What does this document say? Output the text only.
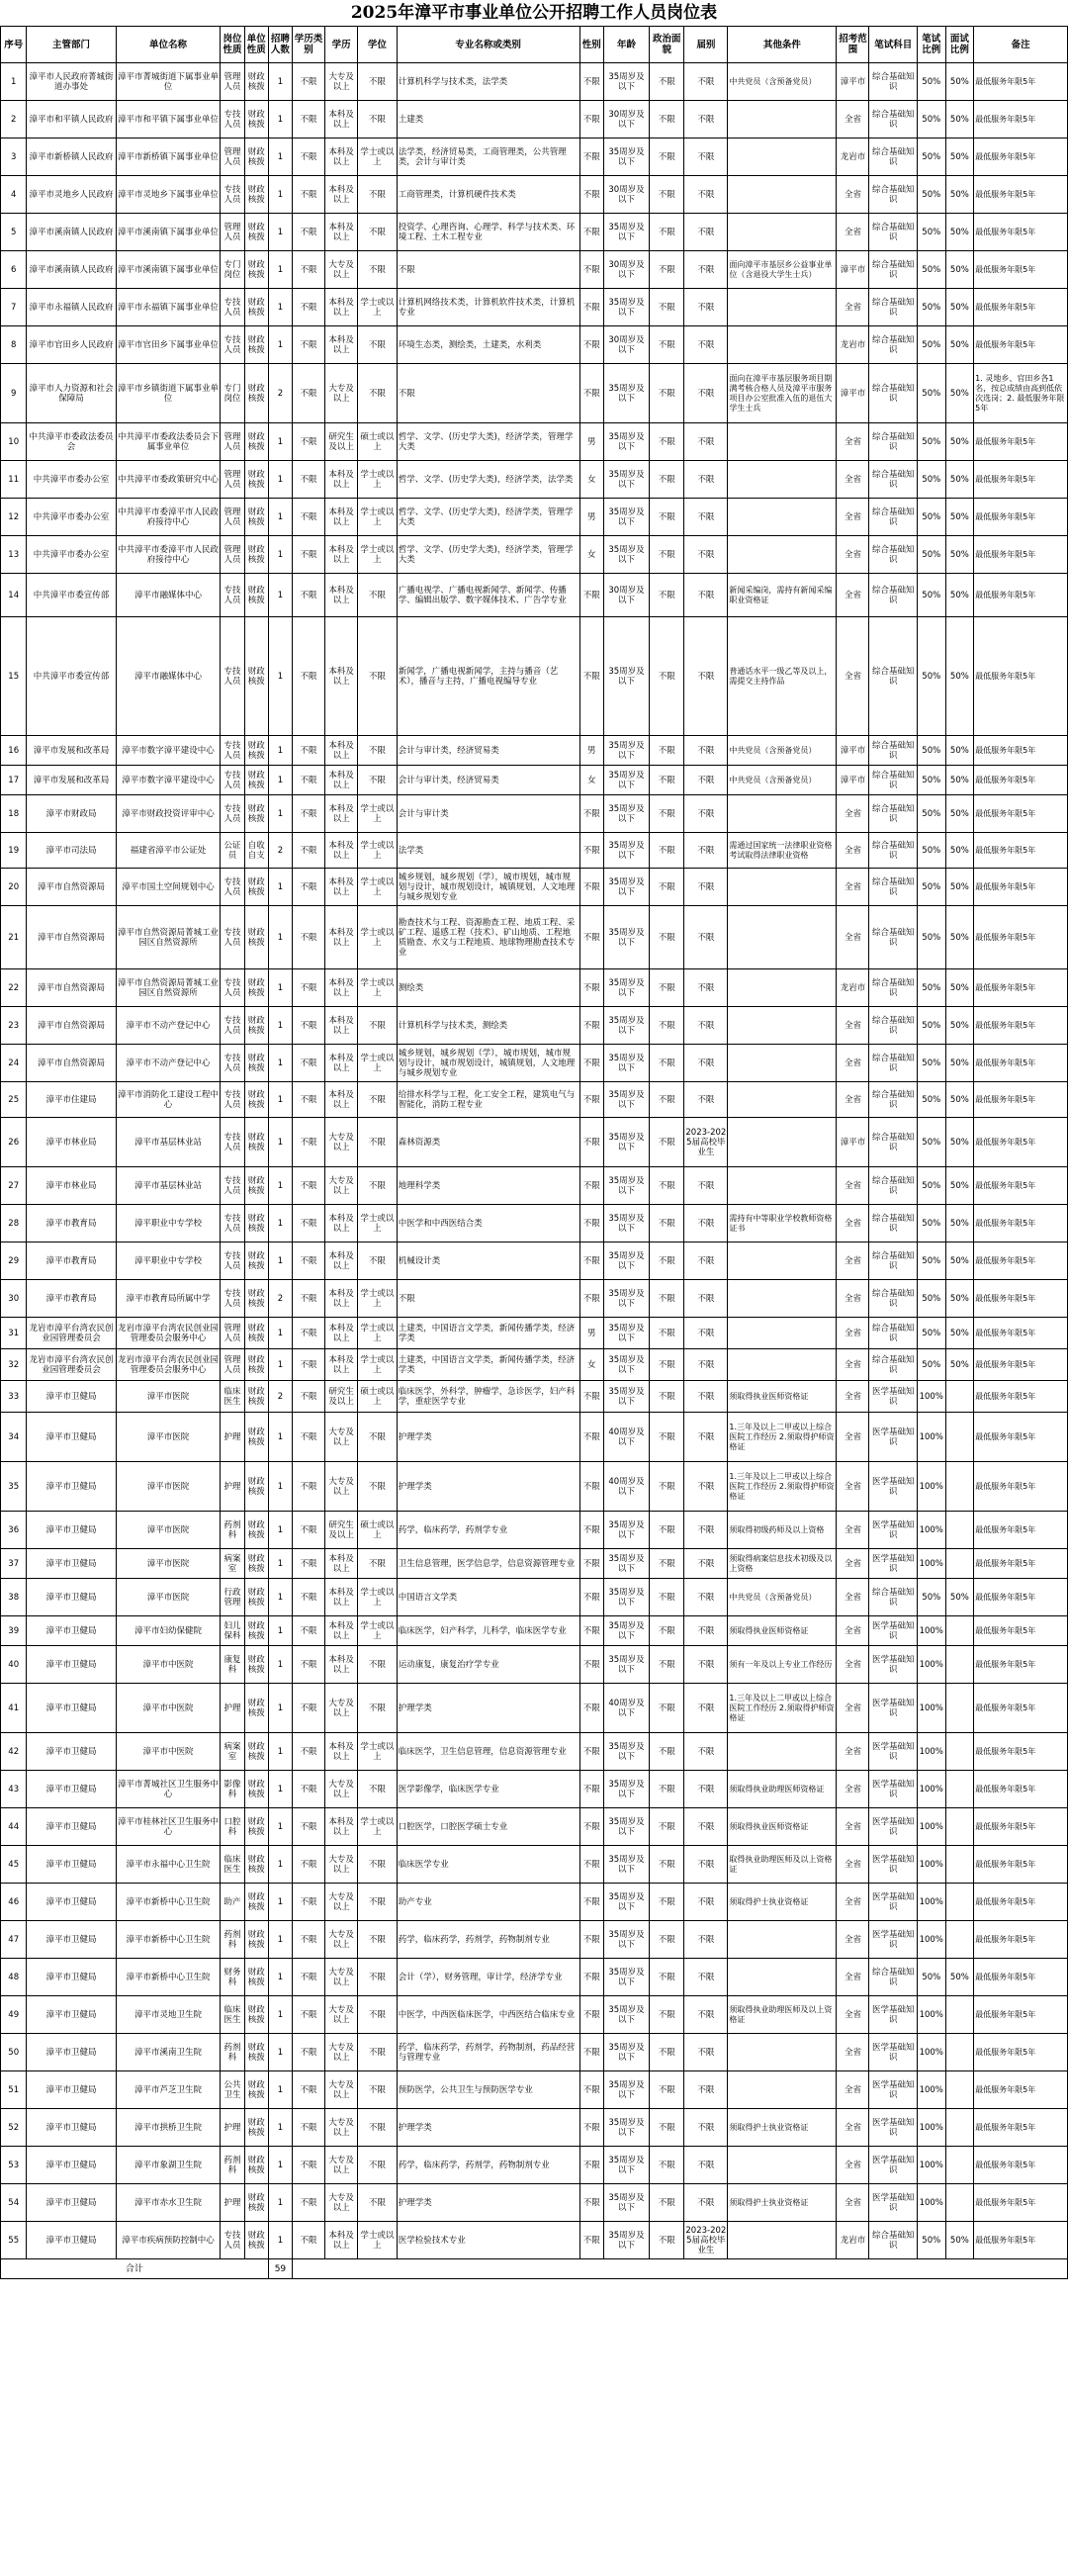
2025年漳平市事业单位公开招聘工作人员岗位表
序号	主管部门	单位名称	岗位性质	单位性质	招聘人数	学历类别	学历	学位	专业名称或类别	性别	年龄	政治面貌	届别	其他条件	招考范围	笔试科目	笔试比例	面试比例	备注
1	漳平市人民政府菁城街道办事处	漳平市菁城街道下属事业单位	管理人员	财政核拨	1	不限	大专及以上	不限	计算机科学与技术类，法学类	不限	35周岁及以下	不限	不限	中共党员（含预备党员）	漳平市	综合基础知识	50%	50%	最低服务年限5年
2	漳平市和平镇人民政府	漳平市和平镇下属事业单位	专技人员	财政核拨	1	不限	本科及以上	不限	土建类	不限	30周岁及以下	不限	不限		全省	综合基础知识	50%	50%	最低服务年限5年
3	漳平市新桥镇人民政府	漳平市新桥镇下属事业单位	管理人员	财政核拨	1	不限	本科及以上	学士或以上	法学类，经济贸易类，工商管理类，公共管理类，会计与审计类	不限	35周岁及以下	不限	不限		龙岩市	综合基础知识	50%	50%	最低服务年限5年
4	漳平市灵地乡人民政府	漳平市灵地乡下属事业单位	专技人员	财政核拨	1	不限	本科及以上	不限	工商管理类，计算机硬件技术类	不限	30周岁及以下	不限	不限		全省	综合基础知识	50%	50%	最低服务年限5年
5	漳平市溪南镇人民政府	漳平市溪南镇下属事业单位	管理人员	财政核拨	1	不限	本科及以上	不限	投资学、心理咨询、心理学、科学与技术类、环境工程、土木工程专业	不限	35周岁及以下	不限	不限		全省	综合基础知识	50%	50%	最低服务年限5年
6	漳平市溪南镇人民政府	漳平市溪南镇下属事业单位	专门岗位	财政核拨	1	不限	大专及以上	不限	不限	不限	30周岁及以下	不限	不限	面向漳平市基层乡公益事业单位（含退役大学生士兵）	漳平市	综合基础知识	50%	50%	最低服务年限5年
7	漳平市永福镇人民政府	漳平市永福镇下属事业单位	专技人员	财政核拨	1	不限	本科及以上	学士或以上	计算机网络技术类，计算机软件技术类，计算机专业	不限	35周岁及以下	不限	不限		全省	综合基础知识	50%	50%	最低服务年限5年
8	漳平市官田乡人民政府	漳平市官田乡下属事业单位	专技人员	财政核拨	1	不限	本科及以上	不限	环境生态类，测绘类，土建类，水利类	不限	30周岁及以下	不限	不限		龙岩市	综合基础知识	50%	50%	最低服务年限5年
9	漳平市人力资源和社会保障局	漳平市乡镇街道下属事业单位	专门岗位	财政核拨	2	不限	大专及以上	不限	不限	不限	35周岁及以下	不限	不限	面向在漳平市基层服务项目期满考核合格人员及漳平市服务项目办公室批准入伍的退伍大学生士兵	漳平市	综合基础知识	50%	50%	1. 灵地乡、官田乡各1名，按总成绩由高到低依次选岗；2. 最低服务年限5年
10	中共漳平市委政法委员会	中共漳平市委政法委员会下属事业单位	管理人员	财政核拨	1	不限	研究生及以上	硕士或以上	哲学、文学、(历史学大类)，经济学类，管理学大类	男	35周岁及以下	不限	不限		全省	综合基础知识	50%	50%	最低服务年限5年
11	中共漳平市委办公室	中共漳平市委政策研究中心	管理人员	财政核拨	1	不限	本科及以上	学士或以上	哲学、文学、(历史学大类)，经济学类，法学类	女	35周岁及以下	不限	不限		全省	综合基础知识	50%	50%	最低服务年限5年
12	中共漳平市委办公室	中共漳平市委漳平市人民政府接待中心	管理人员	财政核拨	1	不限	本科及以上	学士或以上	哲学、文学、(历史学大类)，经济学类，管理学大类	男	35周岁及以下	不限	不限		全省	综合基础知识	50%	50%	最低服务年限5年
13	中共漳平市委办公室	中共漳平市委漳平市人民政府接待中心	管理人员	财政核拨	1	不限	本科及以上	学士或以上	哲学、文学、(历史学大类)，经济学类，管理学大类	女	35周岁及以下	不限	不限		全省	综合基础知识	50%	50%	最低服务年限5年
14	中共漳平市委宣传部	漳平市融媒体中心	专技人员	财政核拨	1	不限	本科及以上	不限	广播电视学、广播电视新闻学、新闻学、传播学、编辑出版学、数字媒体技术、广告学专业	不限	30周岁及以下	不限	不限	新闻采编岗，需持有新闻采编职业资格证	全省	综合基础知识	50%	50%	最低服务年限5年
15	中共漳平市委宣传部	漳平市融媒体中心	专技人员	财政核拨	1	不限	本科及以上	不限	新闻学，广播电视新闻学，主持与播音（艺术），播音与主持，广播电视编导专业	不限	35周岁及以下	不限	不限	普通话水平一级乙等及以上，需提交主持作品	全省	综合基础知识	50%	50%	最低服务年限5年
16	漳平市发展和改革局	漳平市数字漳平建设中心	专技人员	财政核拨	1	不限	本科及以上	不限	会计与审计类，经济贸易类	男	35周岁及以下	不限	不限	中共党员（含预备党员）	漳平市	综合基础知识	50%	50%	最低服务年限5年
17	漳平市发展和改革局	漳平市数字漳平建设中心	专技人员	财政核拨	1	不限	本科及以上	不限	会计与审计类，经济贸易类	女	35周岁及以下	不限	不限	中共党员（含预备党员）	漳平市	综合基础知识	50%	50%	最低服务年限5年
18	漳平市财政局	漳平市财政投资评审中心	专技人员	财政核拨	1	不限	本科及以上	学士或以上	会计与审计类	不限	35周岁及以下	不限	不限		全省	综合基础知识	50%	50%	最低服务年限5年
19	漳平市司法局	福建省漳平市公证处	公证员	自收自支	2	不限	本科及以上	学士或以上	法学类	不限	35周岁及以下	不限	不限	需通过国家统一法律职业资格考试取得法律职业资格	全省	综合基础知识	50%	50%	最低服务年限5年
20	漳平市自然资源局	漳平市国土空间规划中心	专技人员	财政核拨	1	不限	本科及以上	学士或以上	城乡规划，城乡规划（学），城市规划，城市规划与设计，城市规划设计，城镇规划，人文地理与城乡规划专业	不限	35周岁及以下	不限	不限		全省	综合基础知识	50%	50%	最低服务年限5年
21	漳平市自然资源局	漳平市自然资源局菁城工业园区自然资源所	专技人员	财政核拨	1	不限	本科及以上	学士或以上	勘查技术与工程、资源勘查工程、地质工程、采矿工程、遥感工程（技术）、矿山地质、工程地质勘查、水文与工程地质、地球物理勘查技术专业	不限	35周岁及以下	不限	不限		全省	综合基础知识	50%	50%	最低服务年限5年
22	漳平市自然资源局	漳平市自然资源局菁城工业园区自然资源所	专技人员	财政核拨	1	不限	本科及以上	学士或以上	测绘类	不限	35周岁及以下	不限	不限		龙岩市	综合基础知识	50%	50%	最低服务年限5年
23	漳平市自然资源局	漳平市不动产登记中心	专技人员	财政核拨	1	不限	本科及以上	不限	计算机科学与技术类，测绘类	不限	35周岁及以下	不限	不限		全省	综合基础知识	50%	50%	最低服务年限5年
24	漳平市自然资源局	漳平市不动产登记中心	专技人员	财政核拨	1	不限	本科及以上	学士或以上	城乡规划，城乡规划（学），城市规划，城市规划与设计，城市规划设计，城镇规划，人文地理与城乡规划专业	不限	35周岁及以下	不限	不限		全省	综合基础知识	50%	50%	最低服务年限5年
25	漳平市住建局	漳平市消防化工建设工程中心	专技人员	财政核拨	1	不限	本科及以上	不限	给排水科学与工程，化工安全工程，建筑电气与智能化，消防工程专业	不限	35周岁及以下	不限	不限		全省	综合基础知识	50%	50%	最低服务年限5年
26	漳平市林业局	漳平市基层林业站	专技人员	财政核拨	1	不限	大专及以上	不限	森林资源类	不限	35周岁及以下	不限	2023-2025届高校毕业生		漳平市	综合基础知识	50%	50%	最低服务年限5年
27	漳平市林业局	漳平市基层林业站	专技人员	财政核拨	1	不限	大专及以上	不限	地理科学类	不限	35周岁及以下	不限	不限		全省	综合基础知识	50%	50%	最低服务年限5年
28	漳平市教育局	漳平职业中专学校	专技人员	财政核拨	1	不限	本科及以上	学士或以上	中医学和中西医结合类	不限	35周岁及以下	不限	不限	需持有中等职业学校教师资格证书	全省	综合基础知识	50%	50%	最低服务年限5年
29	漳平市教育局	漳平职业中专学校	专技人员	财政核拨	1	不限	本科及以上	不限	机械设计类	不限	35周岁及以下	不限	不限		全省	综合基础知识	50%	50%	最低服务年限5年
30	漳平市教育局	漳平市教育局所属中学	专技人员	财政核拨	2	不限	本科及以上	学士或以上	不限	不限	35周岁及以下	不限	不限		全省	综合基础知识	50%	50%	最低服务年限5年
31	龙岩市漳平台湾农民创业园管理委员会	龙岩市漳平台湾农民创业园管理委员会服务中心	管理人员	财政核拨	1	不限	本科及以上	学士或以上	土建类，中国语言文学类，新闻传播学类，经济学类	男	35周岁及以下	不限	不限		全省	综合基础知识	50%	50%	最低服务年限5年
32	龙岩市漳平台湾农民创业园管理委员会	龙岩市漳平台湾农民创业园管理委员会服务中心	管理人员	财政核拨	1	不限	本科及以上	学士或以上	土建类，中国语言文学类，新闻传播学类，经济学类	女	35周岁及以下	不限	不限		全省	综合基础知识	50%	50%	最低服务年限5年
33	漳平市卫健局	漳平市医院	临床医生	财政核拨	2	不限	研究生及以上	硕士或以上	临床医学，外科学，肿瘤学，急诊医学，妇产科学，重症医学专业	不限	35周岁及以下	不限	不限	须取得执业医师资格证	全省	医学基础知识	100%		最低服务年限5年
34	漳平市卫健局	漳平市医院	护理	财政核拨	1	不限	大专及以上	不限	护理学类	不限	40周岁及以下	不限	不限	1.三年及以上二甲或以上综合医院工作经历 2.须取得护师资格证	全省	医学基础知识	100%		最低服务年限5年
35	漳平市卫健局	漳平市医院	护理	财政核拨	1	不限	大专及以上	不限	护理学类	不限	40周岁及以下	不限	不限	1.三年及以上二甲或以上综合医院工作经历 2.须取得护师资格证	全省	医学基础知识	100%		最低服务年限5年
36	漳平市卫健局	漳平市医院	药剂科	财政核拨	1	不限	研究生及以上	硕士或以上	药学，临床药学，药剂学专业	不限	35周岁及以下	不限	不限	须取得初级药师及以上资格	全省	医学基础知识	100%		最低服务年限5年
37	漳平市卫健局	漳平市医院	病案室	财政核拨	1	不限	本科及以上	不限	卫生信息管理，医学信息学，信息资源管理专业	不限	35周岁及以下	不限	不限	须取得病案信息技术初级及以上资格	全省	医学基础知识	100%		最低服务年限5年
38	漳平市卫健局	漳平市医院	行政管理	财政核拨	1	不限	本科及以上	学士或以上	中国语言文学类	不限	35周岁及以下	不限	不限	中共党员（含预备党员）	全省	综合基础知识	50%	50%	最低服务年限5年
39	漳平市卫健局	漳平市妇幼保健院	妇儿保科	财政核拨	1	不限	本科及以上	学士或以上	临床医学，妇产科学，儿科学，临床医学专业	不限	35周岁及以下	不限	不限	须取得执业医师资格证	全省	医学基础知识	100%		最低服务年限5年
40	漳平市卫健局	漳平市中医院	康复科	财政核拨	1	不限	本科及以上	不限	运动康复，康复治疗学专业	不限	35周岁及以下	不限	不限	须有一年及以上专业工作经历	全省	医学基础知识	100%		最低服务年限5年
41	漳平市卫健局	漳平市中医院	护理	财政核拨	1	不限	大专及以上	不限	护理学类	不限	40周岁及以下	不限	不限	1.三年及以上二甲或以上综合医院工作经历 2.须取得护师资格证	全省	医学基础知识	100%		最低服务年限5年
42	漳平市卫健局	漳平市中医院	病案室	财政核拨	1	不限	本科及以上	学士或以上	临床医学，卫生信息管理，信息资源管理专业	不限	35周岁及以下	不限	不限		全省	医学基础知识	100%		最低服务年限5年
43	漳平市卫健局	漳平市菁城社区卫生服务中心	影像科	财政核拨	1	不限	大专及以上	不限	医学影像学，临床医学专业	不限	35周岁及以下	不限	不限	须取得执业助理医师资格证	全省	医学基础知识	100%		最低服务年限5年
44	漳平市卫健局	漳平市桂林社区卫生服务中心	口腔科	财政核拨	1	不限	本科及以上	学士或以上	口腔医学，口腔医学硕士专业	不限	35周岁及以下	不限	不限	须取得执业医师资格证	全省	医学基础知识	100%		最低服务年限5年
45	漳平市卫健局	漳平市永福中心卫生院	临床医生	财政核拨	1	不限	大专及以上	不限	临床医学专业	不限	35周岁及以下	不限	不限	取得执业助理医师及以上资格证	全省	医学基础知识	100%		最低服务年限5年
46	漳平市卫健局	漳平市新桥中心卫生院	助产	财政核拨	1	不限	大专及以上	不限	助产专业	不限	35周岁及以下	不限	不限	须取得护士执业资格证	全省	医学基础知识	100%		最低服务年限5年
47	漳平市卫健局	漳平市新桥中心卫生院	药剂科	财政核拨	1	不限	大专及以上	不限	药学，临床药学，药剂学，药物制剂专业	不限	35周岁及以下	不限	不限		全省	医学基础知识	100%		最低服务年限5年
48	漳平市卫健局	漳平市新桥中心卫生院	财务科	财政核拨	1	不限	大专及以上	不限	会计（学），财务管理，审计学，经济学专业	不限	35周岁及以下	不限	不限		全省	综合基础知识	50%	50%	最低服务年限5年
49	漳平市卫健局	漳平市灵地卫生院	临床医生	财政核拨	1	不限	大专及以上	不限	中医学，中西医临床医学，中西医结合临床专业	不限	35周岁及以下	不限	不限	须取得执业助理医师及以上资格证	全省	医学基础知识	100%		最低服务年限5年
50	漳平市卫健局	漳平市溪南卫生院	药剂科	财政核拨	1	不限	大专及以上	不限	药学，临床药学，药剂学，药物制剂，药品经营与管理专业	不限	35周岁及以下	不限	不限		全省	医学基础知识	100%		最低服务年限5年
51	漳平市卫健局	漳平市芦芝卫生院	公共卫生	财政核拨	1	不限	大专及以上	不限	预防医学，公共卫生与预防医学专业	不限	35周岁及以下	不限	不限		全省	医学基础知识	100%		最低服务年限5年
52	漳平市卫健局	漳平市拱桥卫生院	护理	财政核拨	1	不限	大专及以上	不限	护理学类	不限	35周岁及以下	不限	不限	须取得护士执业资格证	全省	医学基础知识	100%		最低服务年限5年
53	漳平市卫健局	漳平市象湖卫生院	药剂科	财政核拨	1	不限	大专及以上	不限	药学，临床药学，药剂学，药物制剂专业	不限	35周岁及以下	不限	不限		全省	医学基础知识	100%		最低服务年限5年
54	漳平市卫健局	漳平市赤水卫生院	护理	财政核拨	1	不限	大专及以上	不限	护理学类	不限	35周岁及以下	不限	不限	须取得护士执业资格证	全省	医学基础知识	100%		最低服务年限5年
55	漳平市卫健局	漳平市疾病预防控制中心	专技人员	财政核拨	1	不限	本科及以上	学士或以上	医学检验技术专业	不限	35周岁及以下	不限	2023-2025届高校毕业生		龙岩市	综合基础知识	50%	50%	最低服务年限5年
合计					59														
